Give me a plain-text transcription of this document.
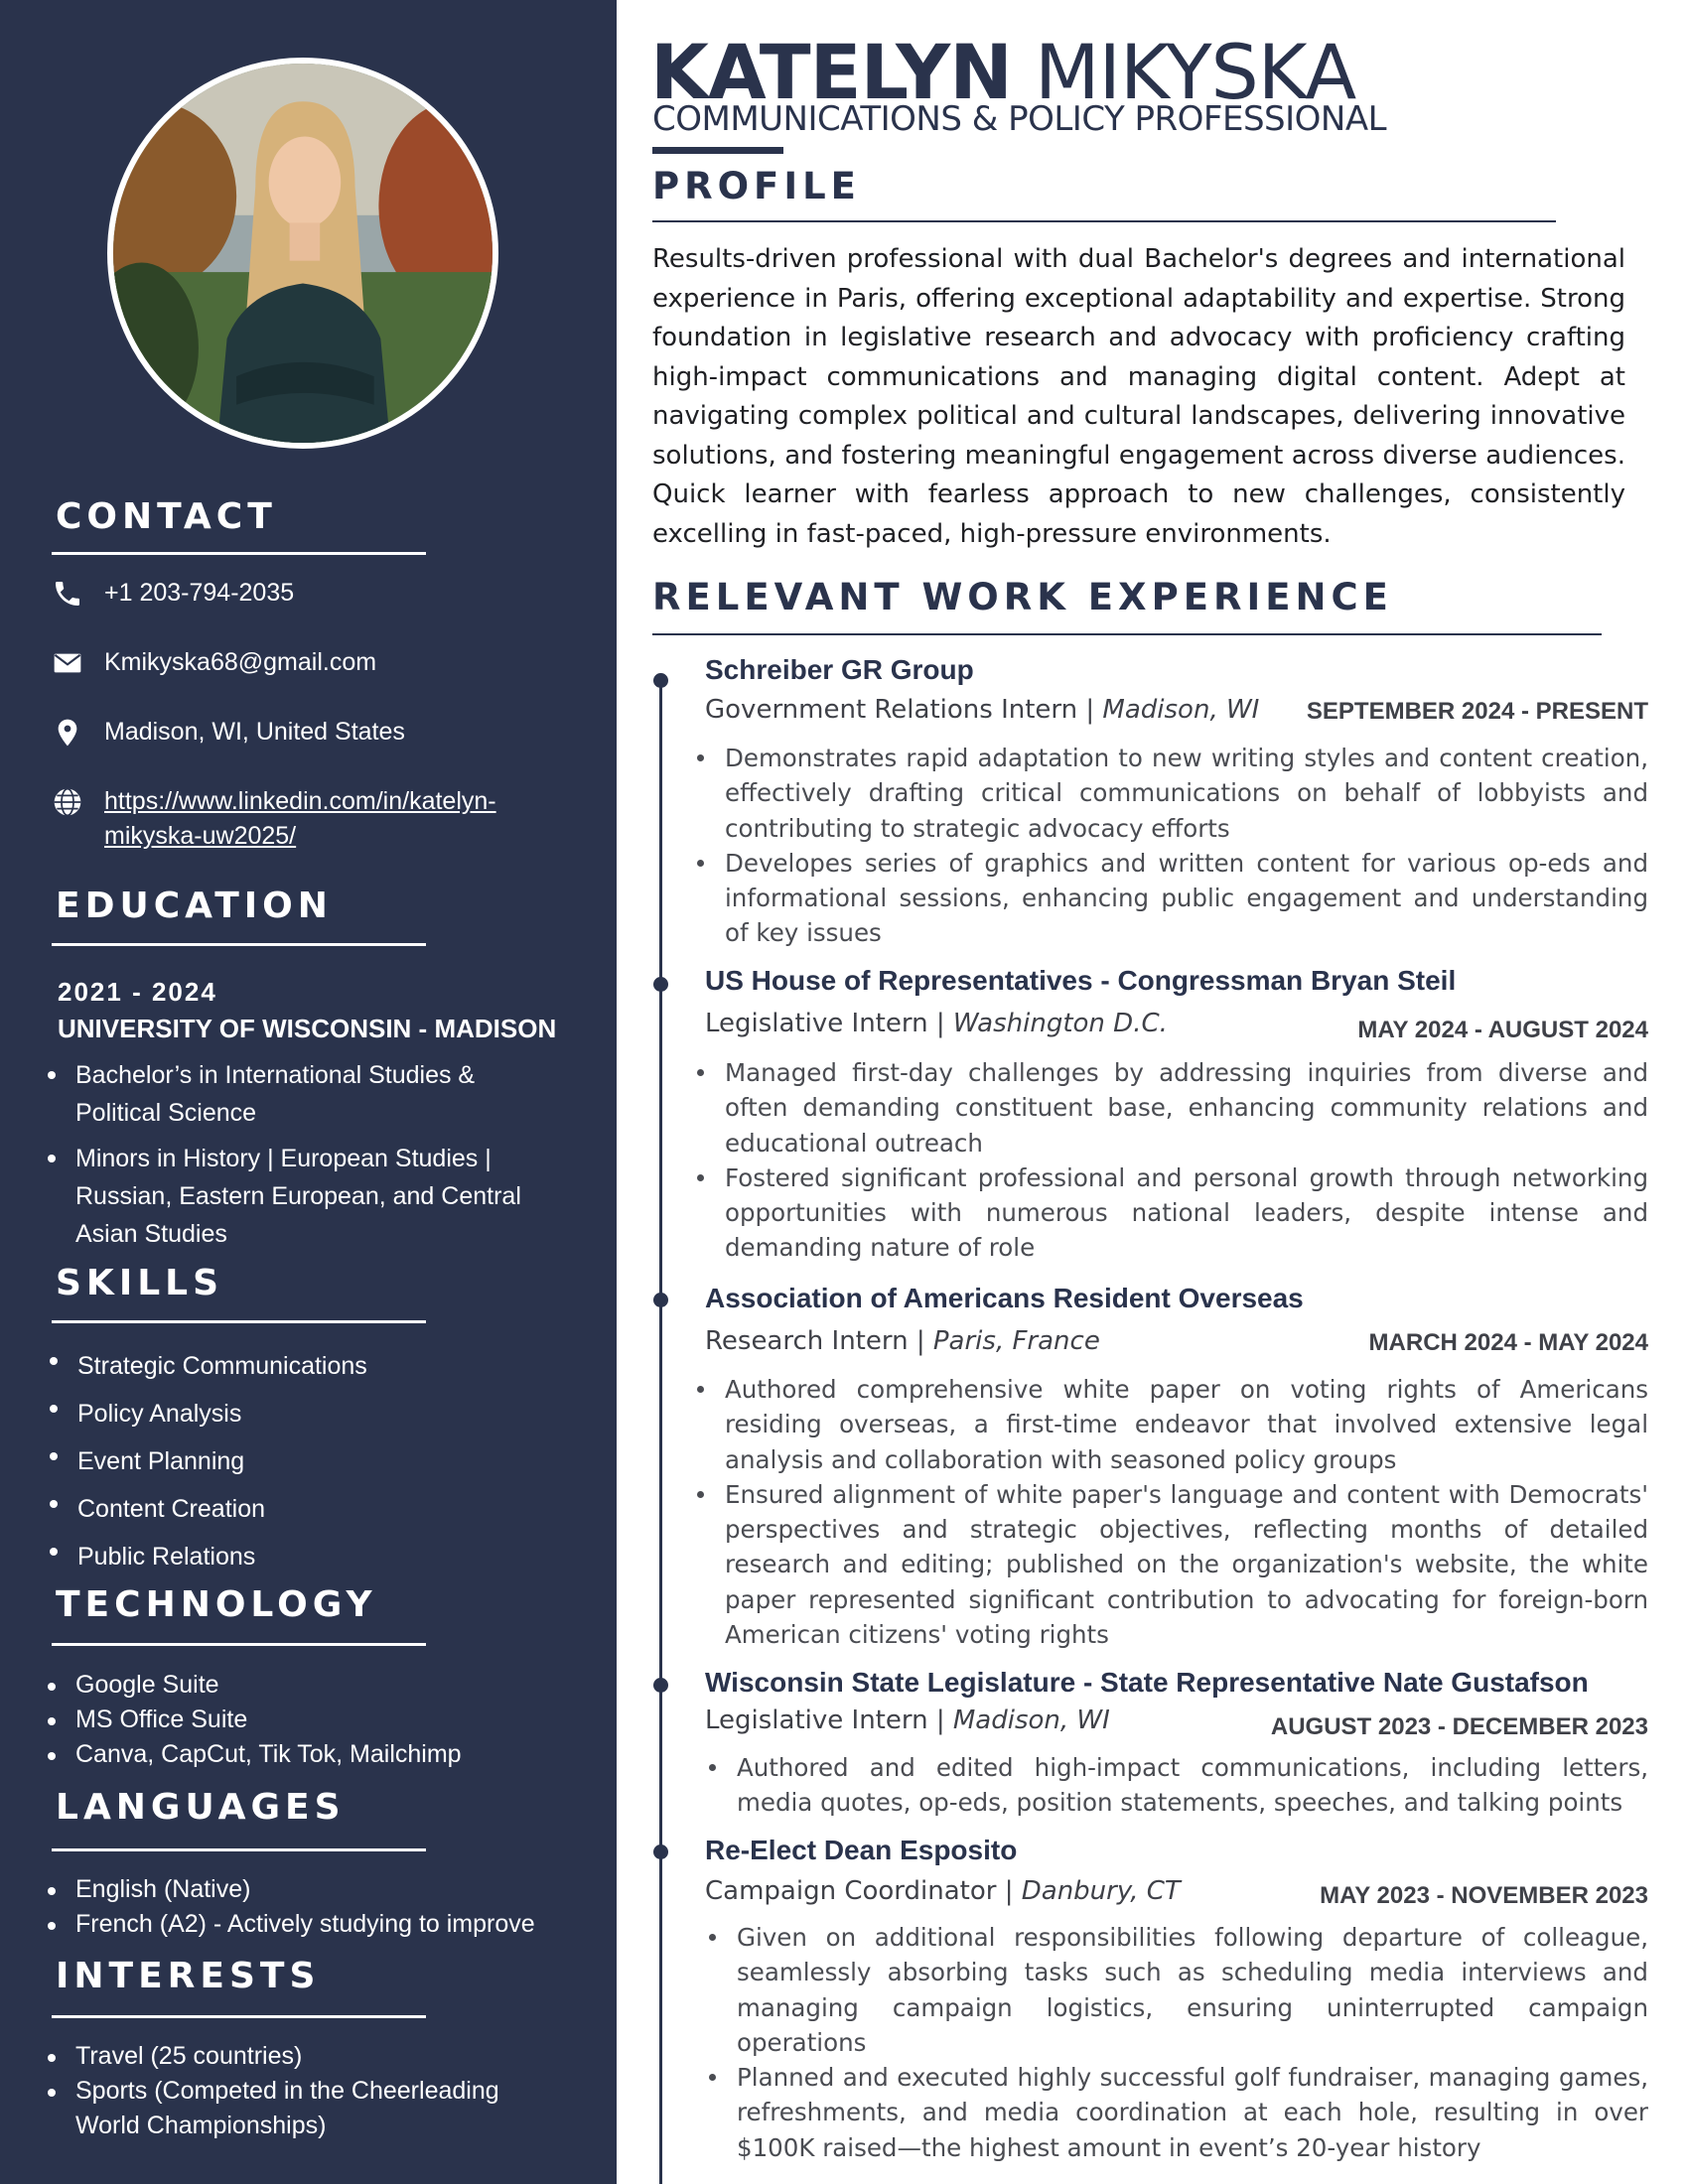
CONTACT
+1 203-794-2035
Kmikyska68@gmail.com
Madison, WI, United States
https://www.linkedin.com/in/katelyn-
mikyska-uw2025/
EDUCATION
2021 - 2024
UNIVERSITY OF WISCONSIN - MADISON
Bachelor’s in International Studies &
Political Science
Minors in History | European Studies |
Russian, Eastern European, and Central
Asian Studies
SKILLS
Strategic Communications
Policy Analysis
Event Planning
Content Creation
Public Relations
TECHNOLOGY
Google Suite
MS Office Suite
Canva, CapCut, Tik Tok, Mailchimp
LANGUAGES
English (Native)
French (A2) - Actively studying to improve
INTERESTS
Travel (25 countries)
Sports (Competed in the Cheerleading
World Championships)
KATELYN MIKYSKA
COMMUNICATIONS & POLICY PROFESSIONAL
PROFILE

Results-driven professional with dual Bachelor's degrees and international experience in Paris, offering exceptional adaptability and expertise. Strong foundation in legislative research and advocacy with proficiency crafting high-impact communications and managing digital content. Adept at navigating complex political and cultural landscapes, delivering innovative solutions, and fostering meaningful engagement across diverse audiences. Quick learner with fearless approach to new challenges, consistently excelling in fast-paced, high-pressure environments.

RELEVANT WORK EXPERIENCE
Schreiber GR Group
Government Relations Intern | Madison, WI SEPTEMBER 2024 - PRESENT
Demonstrates rapid adaptation to new writing styles and content creation, effectively drafting critical communications on behalf of lobbyists and contributing to strategic advocacy efforts
Developes series of graphics and written content for various op-eds and informational sessions, enhancing public engagement and understanding of key issues
US House of Representatives - Congressman Bryan Steil
Legislative Intern | Washington D.C.	MAY 2024 - AUGUST 2024
Managed first-day challenges by addressing inquiries from diverse and often demanding constituent base, enhancing community relations and educational outreach
Fostered significant professional and personal growth through networking opportunities with numerous national leaders, despite intense and demanding nature of role
Association of Americans Resident Overseas
Research Intern | Paris, France	MARCH 2024 - MAY 2024
Authored comprehensive white paper on voting rights of Americans residing overseas, a first-time endeavor that involved extensive legal analysis and collaboration with seasoned policy groups
Ensured alignment of white paper's language and content with Democrats' perspectives and strategic objectives, reflecting months of detailed research and editing; published on the organization's website, the white paper represented significant contribution to advocating for foreign-born American citizens' voting rights
Wisconsin State Legislature - State Representative Nate Gustafson
Legislative Intern | Madison, WI	AUGUST 2023 - DECEMBER 2023
Authored and edited high-impact communications, including letters, media quotes, op-eds, position statements, speeches, and talking points
Re-Elect Dean Esposito
Campaign Coordinator | Danbury, CT	MAY 2023 - NOVEMBER 2023
Given on additional responsibilities following departure of colleague, seamlessly absorbing tasks such as scheduling media interviews and managing campaign logistics, ensuring uninterrupted campaign operations
Planned and executed highly successful golf fundraiser, managing games, refreshments, and media coordination at each hole, resulting in over $100K raised—the highest amount in event’s 20-year history
